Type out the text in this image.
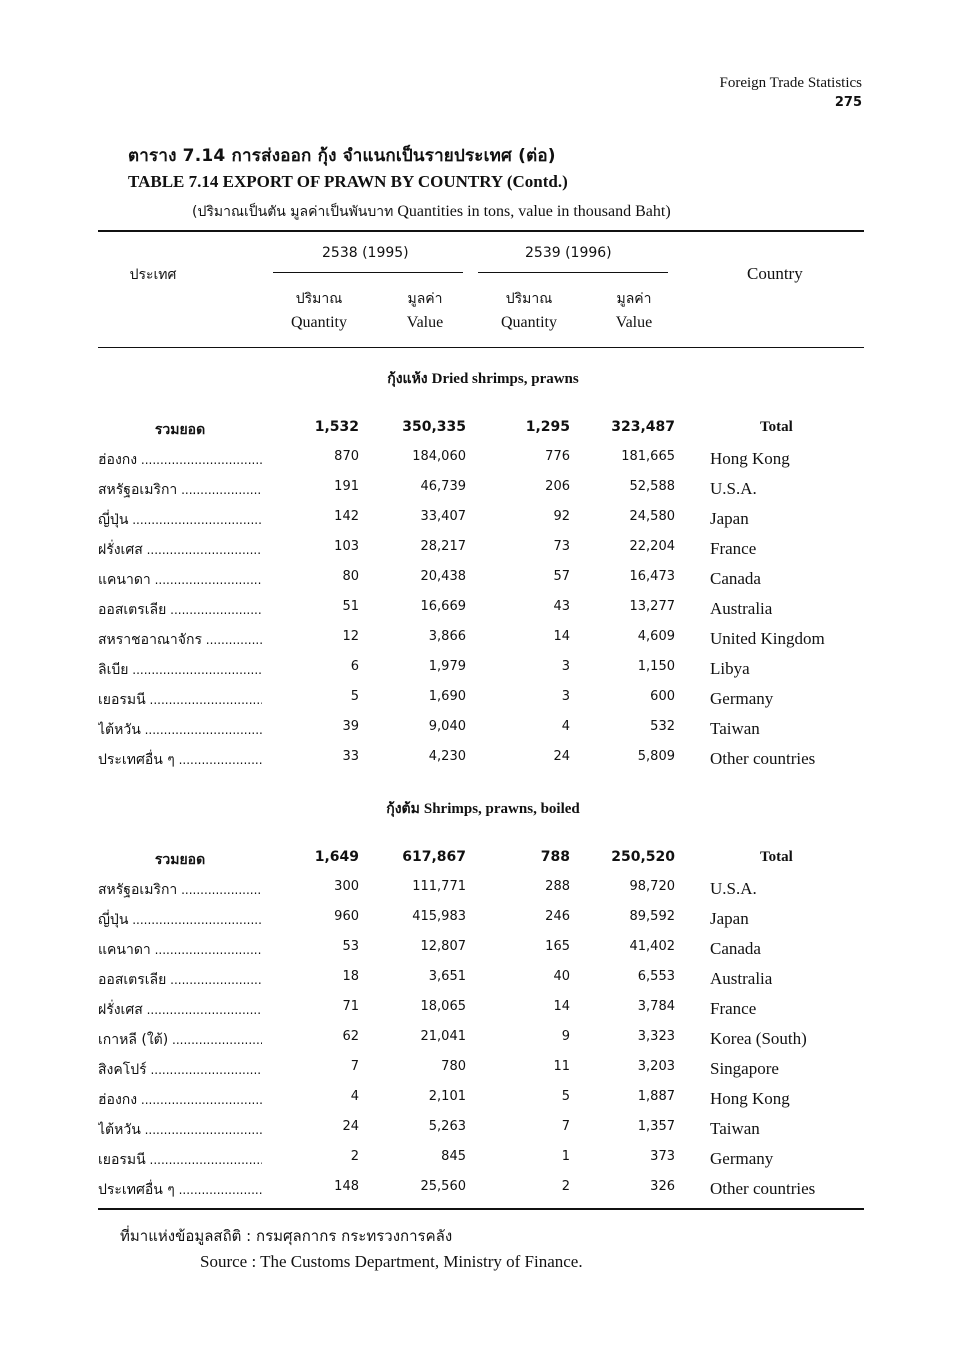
Foreign Trade Statistics
275
ตาราง 7.14 การส่งออก กุ้ง จำแนกเป็นรายประเทศ (ต่อ)
TABLE 7.14 EXPORT OF PRAWN BY COUNTRY (Contd.)
(ปริมาณเป็นตัน มูลค่าเป็นพันบาท Quantities in tons, value in thousand Baht)
ประเทศ	Country
2538 (1995)	2539 (1996)
ปริมาณ	มูลค่า	ปริมาณ	มูลค่า
Quantity	Value	Quantity	Value
กุ้งแห้ง Dried shrimps, prawns
รวมยอด	1,532	350,335	1,295	323,487	Total
ฮ่องกง .....	870	184,060	776	181,665 Hong Kong
สหรัฐอเมริกา .....	191	46,739	206	52,588 U.S.A.
ญี่ปุ่น .....	142	33,407	92	24,580 Japan
ฝรั่งเศส .....	103	28,217	73	22,204 France
แคนาดา .....	80	20,438	57	16,473 Canada
ออสเตรเลีย .....	51	16,669	43	13,277 Australia
สหราชอาณาจักร .....	12	3,866	14	4,609 United Kingdom
ลิเบีย .....	6	1,979	3	1,150 Libya
เยอรมนี .....	5	1,690	3	600 Germany
ไต้หวัน .....	39	9,040	4	532 Taiwan
ประเทศอื่น ๆ .....	33	4,230	24	5,809 Other countries
กุ้งต้ม Shrimps, prawns, boiled
รวมยอด	1,649	617,867	788	250,520	Total
สหรัฐอเมริกา .....	300	111,771	288	98,720 U.S.A.
ญี่ปุ่น .....	960	415,983	246	89,592 Japan
แคนาดา .....	53	12,807	165	41,402 Canada
ออสเตรเลีย .....	18	3,651	40	6,553 Australia
ฝรั่งเศส .....	71	18,065	14	3,784 France
เกาหลี (ใต้) .....	62	21,041	9	3,323 Korea (South)
สิงคโปร์ .....	7	780	11	3,203 Singapore
ฮ่องกง .....	4	2,101	5	1,887 Hong Kong
ไต้หวัน .....	24	5,263	7	1,357 Taiwan
เยอรมนี .....	2	845	1	373 Germany
ประเทศอื่น ๆ .....	148	25,560	2	326 Other countries
ที่มาแห่งข้อมูลสถิติ : กรมศุลกากร กระทรวงการคลัง
Source : The Customs Department, Ministry of Finance.
